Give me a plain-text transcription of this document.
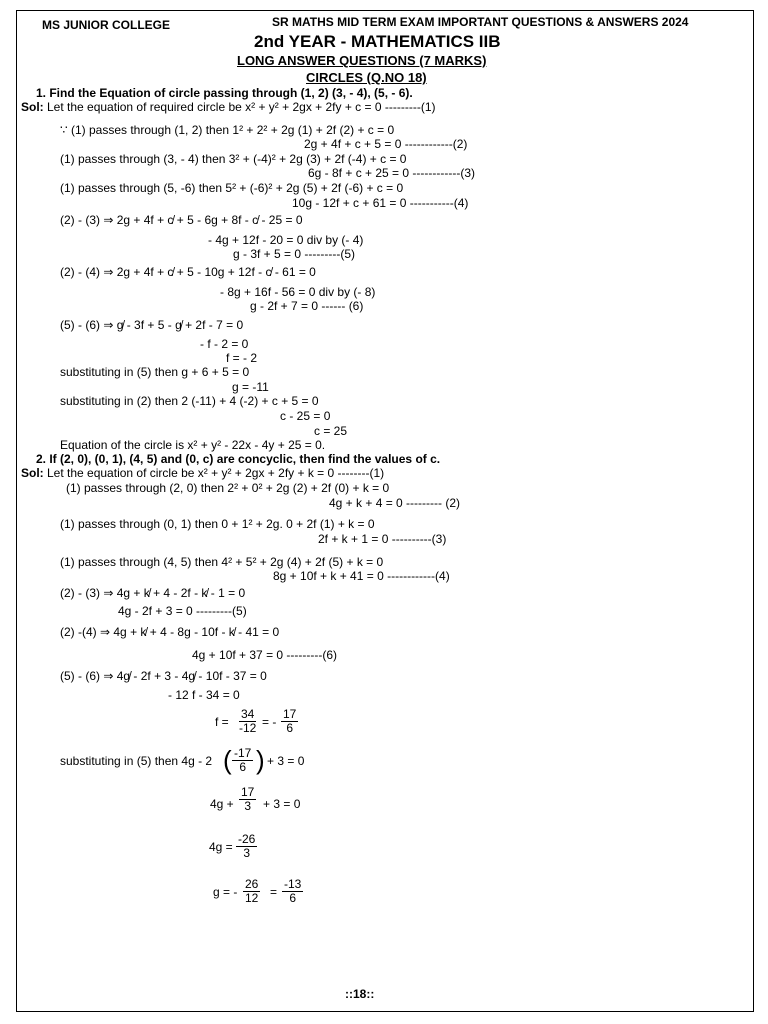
MS JUNIOR COLLEGE	SR MATHS MID TERM EXAM IMPORTANT QUESTIONS & ANSWERS 2024
2nd YEAR - MATHEMATICS IIB
LONG ANSWER QUESTIONS (7 MARKS)
CIRCLES (Q.NO 18)
1. Find the Equation of circle passing through (1, 2) (3, - 4), (5, - 6).
Sol: Let the equation of required circle be x² + y² + 2gx + 2fy + c = 0 ---------(1)
∵ (1) passes through (1, 2) then 1² + 2² + 2g (1) + 2f (2) + c = 0
2g + 4f + c + 5 = 0 ------------(2)
(1) passes through (3, - 4) then 3² + (-4)² + 2g (3) + 2f (-4) + c = 0
6g - 8f + c + 25 = 0 ------------(3)
(1) passes through (5, -6) then 5² + (-6)² + 2g (5) + 2f (-6) + c = 0
10g - 12f + c + 61 = 0 -----------(4)
(2) - (3) ⇒ 2g + 4f + c̸ + 5 - 6g + 8f - c̸ - 25 = 0
- 4g + 12f - 20 = 0 div by (- 4)
g - 3f + 5 = 0 ---------(5)
(2) - (4) ⇒ 2g + 4f + c̸ + 5 - 10g + 12f - c̸ - 61 = 0
- 8g + 16f - 56 = 0 div by (- 8)
g - 2f + 7 = 0 ------ (6)
(5) - (6) ⇒ g̸ - 3f + 5 - g̸ + 2f - 7 = 0
- f - 2 = 0
f = - 2
substituting in (5) then g + 6 + 5 = 0
g = -11
substituting in (2) then 2 (-11) + 4 (-2) + c + 5 = 0
c - 25 = 0
c = 25
Equation of the circle is x² + y² - 22x - 4y + 25 = 0.
2. If (2, 0), (0, 1), (4, 5) and (0, c) are concyclic, then find the values of c.
Sol: Let the equation of circle be x² + y² + 2gx + 2fy + k = 0 --------(1)
(1) passes through (2, 0) then 2² + 0² + 2g (2) + 2f (0) + k = 0
4g + k + 4 = 0 --------- (2)
(1) passes through (0, 1) then 0 + 1² + 2g. 0 + 2f (1) + k = 0
2f + k + 1 = 0 ----------(3)
(1) passes through (4, 5) then 4² + 5² + 2g (4) + 2f (5) + k = 0
8g + 10f + k + 41 = 0 ------------(4)
(2) - (3) ⇒ 4g + k̸ + 4 - 2f - k̸ - 1 = 0
4g - 2f + 3 = 0 ---------(5)
(2) -(4) ⇒ 4g + k̸ + 4 - 8g - 10f - k̸ - 41 = 0
4g + 10f + 37 = 0 ---------(6)
(5) - (6) ⇒ 4g̸ - 2f + 3 - 4g̸ - 10f - 37 = 0
- 12 f - 34 = 0
$f = \frac{34}{-12}$ = - $\frac{17}{6}$
substituting in (5) then 4g - 2 ( $\frac{-17}{6}$ ) + 3 = 0
$4g + \frac{17}{3} + 3 = 0$
$4g = \frac{-26}{3}$
g = - $\frac{26}{12} = \frac{-13}{6}$
::18::
